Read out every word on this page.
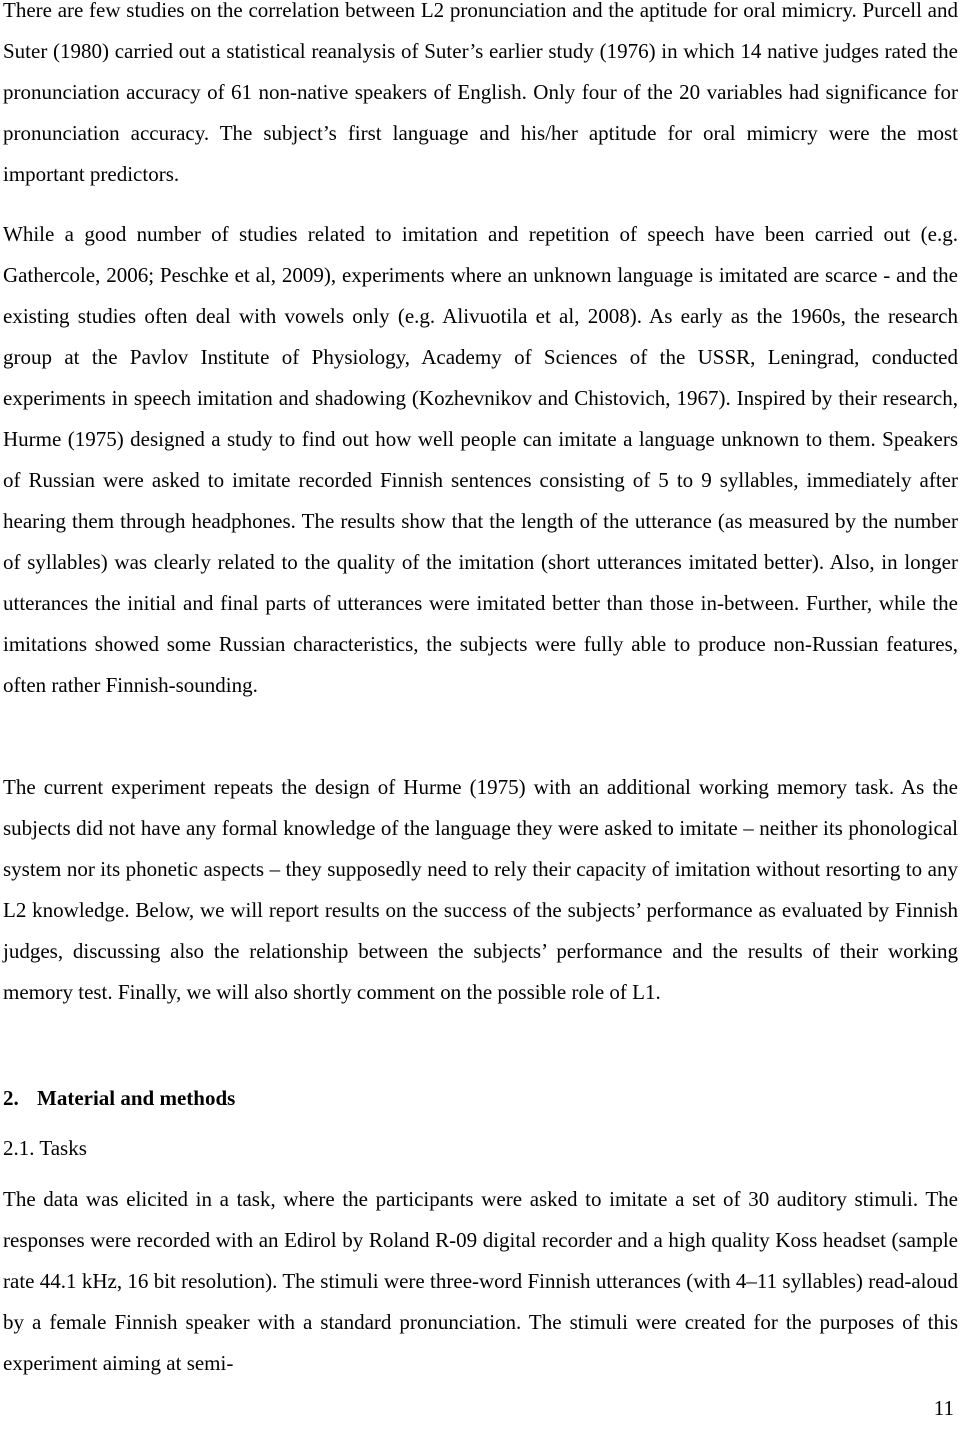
There are few studies on the correlation between L2 pronunciation and the aptitude for oral mimicry. Purcell and Suter (1980) carried out a statistical reanalysis of Suter’s earlier study (1976) in which 14 native judges rated the pronunciation accuracy of 61 non-native speakers of English. Only four of the 20 variables had significance for pronunciation accuracy. The subject’s first language and his/her aptitude for oral mimicry were the most important predictors.

While a good number of studies related to imitation and repetition of speech have been carried out (e.g. Gathercole, 2006; Peschke et al, 2009), experiments where an unknown language is imitated are scarce - and the existing studies often deal with vowels only (e.g. Alivuotila et al, 2008). As early as the 1960s, the research group at the Pavlov Institute of Physiology, Academy of Sciences of the USSR, Leningrad, conducted experiments in speech imitation and shadowing (Kozhevnikov and Chistovich, 1967). Inspired by their research, Hurme (1975) designed a study to find out how well people can imitate a language unknown to them. Speakers of Russian were asked to imitate recorded Finnish sentences consisting of 5 to 9 syllables, immediately after hearing them through headphones. The results show that the length of the utterance (as measured by the number of syllables) was clearly related to the quality of the imitation (short utterances imitated better). Also, in longer utterances the initial and final parts of utterances were imitated better than those in-between. Further, while the imitations showed some Russian characteristics, the subjects were fully able to produce non-Russian features, often rather Finnish-sounding.

The current experiment repeats the design of Hurme (1975) with an additional working memory task. As the subjects did not have any formal knowledge of the language they were asked to imitate – neither its phonological system nor its phonetic aspects – they supposedly need to rely their capacity of imitation without resorting to any L2 knowledge. Below, we will report results on the success of the subjects’ performance as evaluated by Finnish judges, discussing also the relationship between the subjects’ performance and the results of their working memory test. Finally, we will also shortly comment on the possible role of L1.

2. Material and methods
2.1. Tasks

The data was elicited in a task, where the participants were asked to imitate a set of 30 auditory stimuli. The responses were recorded with an Edirol by Roland R-09 digital recorder and a high quality Koss headset (sample rate 44.1 kHz, 16 bit resolution). The stimuli were three-word Finnish utterances (with 4–11 syllables) read-aloud by a female Finnish speaker with a standard pronunciation. The stimuli were created for the purposes of this experiment aiming at semi-

11
